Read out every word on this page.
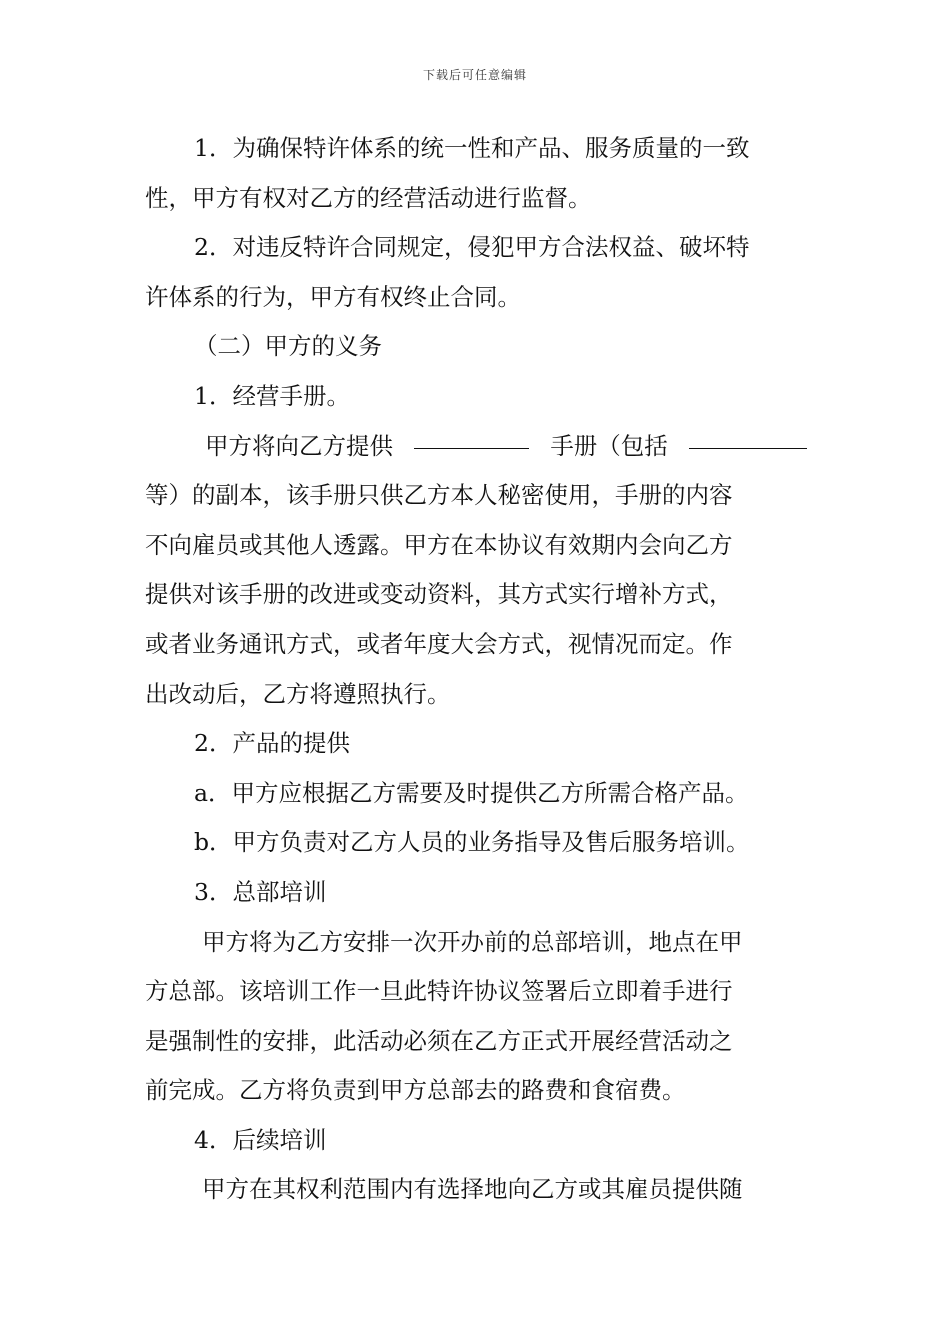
下载后可任意编辑
1．为确保特许体系的统一性和产品、服务质量的一致
性，甲方有权对乙方的经营活动进行监督。
2．对违反特许合同规定，侵犯甲方合法权益、破坏特
许体系的行为，甲方有权终止合同。
（二）甲方的义务
1．经营手册。
甲方将向乙方提供	手册（包括
等）的副本，该手册只供乙方本人秘密使用，手册的内容
不向雇员或其他人透露。甲方在本协议有效期内会向乙方
提供对该手册的改进或变动资料，其方式实行增补方式，
或者业务通讯方式，或者年度大会方式，视情况而定。作
出改动后，乙方将遵照执行。
2．产品的提供
a．甲方应根据乙方需要及时提供乙方所需合格产品。
b．甲方负责对乙方人员的业务指导及售后服务培训。
3．总部培训
甲方将为乙方安排一次开办前的总部培训，地点在甲
方总部。该培训工作一旦此特许协议签署后立即着手进行
是强制性的安排，此活动必须在乙方正式开展经营活动之
前完成。乙方将负责到甲方总部去的路费和食宿费。
4．后续培训
甲方在其权利范围内有选择地向乙方或其雇员提供随
